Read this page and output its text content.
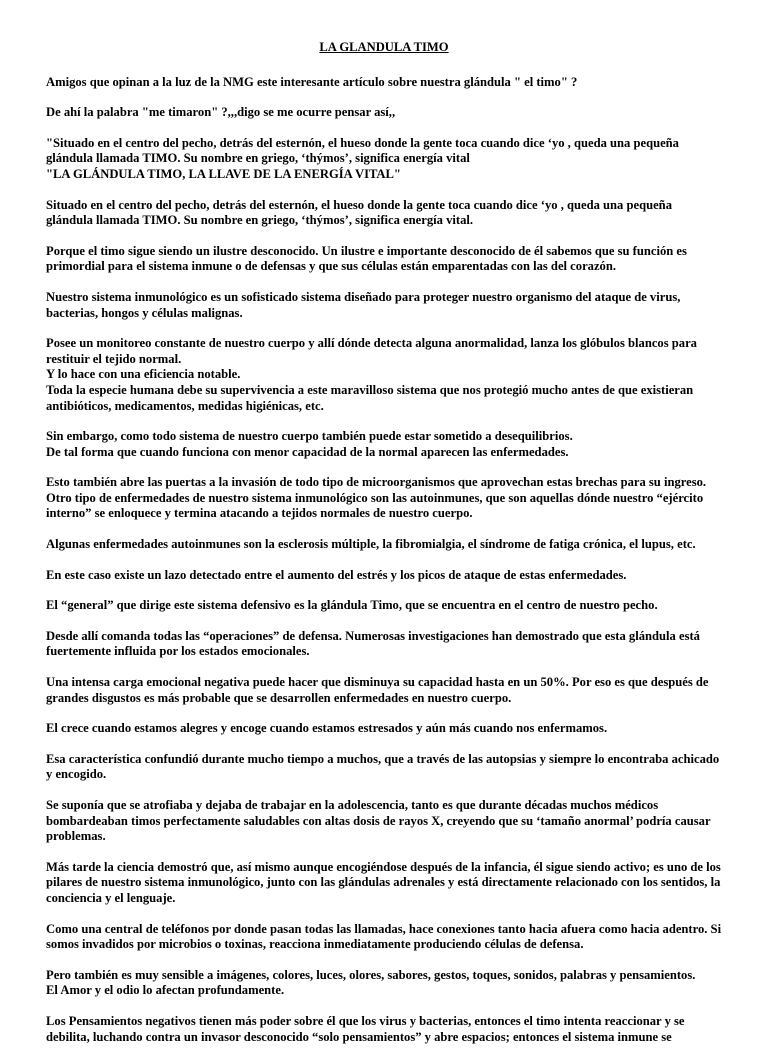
LA GLANDULA TIMO
Amigos que opinan a la luz de la NMG este interesante artículo sobre nuestra glándula " el timo" ?
De ahí la palabra "me timaron" ?,,,digo se me ocurre pensar así,,
"Situado en el centro del pecho, detrás del esternón, el hueso donde la gente toca cuando dice ‘yo , queda una pequeña glándula llamada TIMO. Su nombre en griego, ‘thýmos’, significa energía vital
"LA GLÁNDULA TIMO, LA LLAVE DE LA ENERGÍA VITAL"
Situado en el centro del pecho, detrás del esternón, el hueso donde la gente toca cuando dice ‘yo , queda una pequeña glándula llamada TIMO. Su nombre en griego, ‘thýmos’, significa energía vital.
Porque el timo sigue siendo un ilustre desconocido. Un ilustre e importante desconocido de él sabemos que su función es primordial para el sistema inmune o de defensas y que sus células están emparentadas con las del corazón.
Nuestro sistema inmunológico es un sofisticado sistema diseñado para proteger nuestro organismo del ataque de virus, bacterias, hongos y células malignas.
Posee un monitoreo constante de nuestro cuerpo y allí dónde detecta alguna anormalidad, lanza los glóbulos blancos para restituir el tejido normal.
Y lo hace con una eficiencia notable.
Toda la especie humana debe su supervivencia a este maravilloso sistema que nos protegió mucho antes de que existieran antibióticos, medicamentos, medidas higiénicas, etc.
Sin embargo, como todo sistema de nuestro cuerpo también puede estar sometido a desequilibrios.
De tal forma que cuando funciona con menor capacidad de la normal aparecen las enfermedades.
Esto también abre las puertas a la invasión de todo tipo de microorganismos que aprovechan estas brechas para su ingreso.
Otro tipo de enfermedades de nuestro sistema inmunológico son las autoinmunes, que son aquellas dónde nuestro “ejército interno” se enloquece y termina atacando a tejidos normales de nuestro cuerpo.
Algunas enfermedades autoinmunes son la esclerosis múltiple, la fibromialgia, el síndrome de fatiga crónica, el lupus, etc.
En este caso existe un lazo detectado entre el aumento del estrés y los picos de ataque de estas enfermedades.
El “general” que dirige este sistema defensivo es la glándula Timo, que se encuentra en el centro de nuestro pecho.
Desde allí comanda todas las “operaciones” de defensa. Numerosas investigaciones han demostrado que esta glándula está fuertemente influida por los estados emocionales.
Una intensa carga emocional negativa puede hacer que disminuya su capacidad hasta en un 50%. Por eso es que después de grandes disgustos es más probable que se desarrollen enfermedades en nuestro cuerpo.
El crece cuando estamos alegres y encoge cuando estamos estresados y aún más cuando nos enfermamos.
Esa característica confundió durante mucho tiempo a muchos, que a través de las autopsias y siempre lo encontraba achicado y encogido.
Se suponía que se atrofiaba y dejaba de trabajar en la adolescencia, tanto es que durante décadas muchos médicos bombardeaban timos perfectamente saludables con altas dosis de rayos X, creyendo que su ‘tamaño anormal’ podría causar problemas.
Más tarde la ciencia demostró que, así mismo aunque encogiéndose después de la infancia, él sigue siendo activo; es uno de los pilares de nuestro sistema inmunológico, junto con las glándulas adrenales y está directamente relacionado con los sentidos, la conciencia y el lenguaje.
Como una central de teléfonos por donde pasan todas las llamadas, hace conexiones tanto hacia afuera como hacia adentro. Si somos invadidos por microbios o toxinas, reacciona inmediatamente produciendo células de defensa.
Pero también es muy sensible a imágenes, colores, luces, olores, sabores, gestos, toques, sonidos, palabras y pensamientos.
El Amor y el odio lo afectan profundamente.
Los Pensamientos negativos tienen más poder sobre él que los virus y bacterias, entonces el timo intenta reaccionar y se debilita, luchando contra un invasor desconocido “solo pensamientos” y abre espacios; entonces el sistema inmune se
